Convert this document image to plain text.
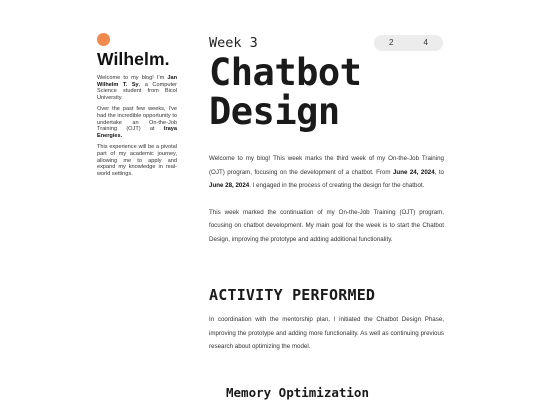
Wilhelm.

Welcome to my blog! I'm Jan Wilhelm T. Sy, a Computer Science student from Bicol University.

Over the past few weeks, I've had the incredible opportunity to undertake an On-the-Job Training (OJT) at Iraya Energies.

This experience will be a pivotal part of my academic journey, allowing me to apply and expand my knowledge in real-world settings.

Week 3	2	4
Chatbot
Design

Welcome to my blog! This week marks the third week of my On-the-Job Training (OJT) program, focusing on the development of a chatbot. From June 24, 2024, to June 28, 2024. I engaged in the process of creating the design for the chatbot.

This week marked the continuation of my On-the-Job Training (OJT) program, focusing on chatbot development. My main goal for the week is to start the Chatbot Design, improving the prototype and adding additional functionality.

ACTIVITY PERFORMED

In coordination with the mentorship plan, I initiated the Chatbot Design Phase, improving the prototype and adding more functionality. As well as continuing previous research about optimizing the model.

Memory Optimization
